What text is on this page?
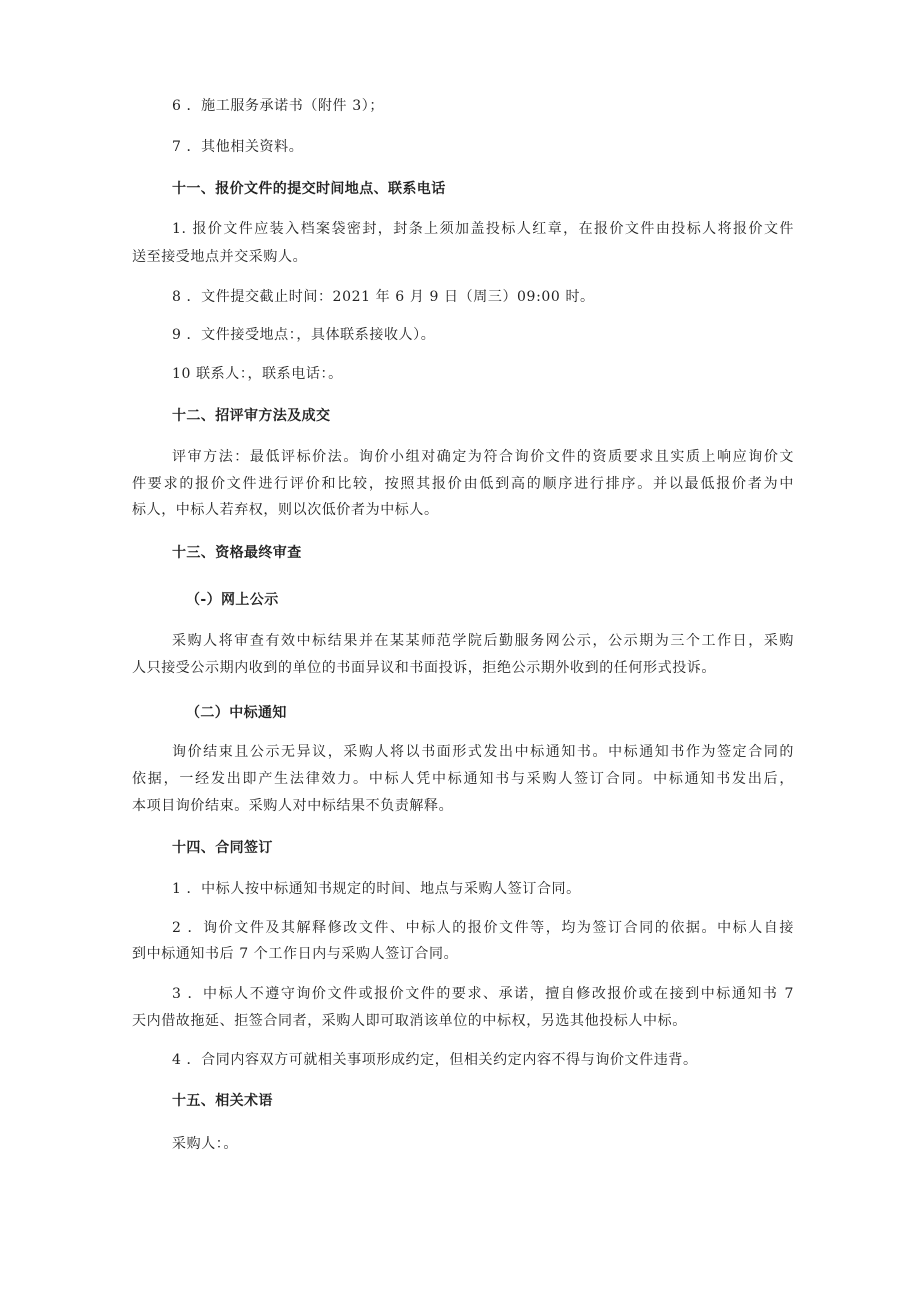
6 ．施工服务承诺书（附件 3）；
7 ．其他相关资料。
十一、报价文件的提交时间地点、联系电话
1. 报价文件应装入档案袋密封，封条上须加盖投标人红章，在报价文件由投标人将报价文件
送至接受地点并交采购人。
8 ．文件提交截止时间：2021 年 6 月 9 日（周三）09:00 时。
9 ．文件接受地点：，具体联系接收人）。
10 联系人：，联系电话：。
十二、招评审方法及成交
评审方法：最低评标价法。询价小组对确定为符合询价文件的资质要求且实质上响应询价文
件要求的报价文件进行评价和比较，按照其报价由低到高的顺序进行排序。并以最低报价者为中
标人，中标人若弃权，则以次低价者为中标人。
十三、资格最终审查
（-）网上公示
采购人将审查有效中标结果并在某某师范学院后勤服务网公示，公示期为三个工作日，采购
人只接受公示期内收到的单位的书面异议和书面投诉，拒绝公示期外收到的任何形式投诉。
（二）中标通知
询价结束且公示无异议，采购人将以书面形式发出中标通知书。中标通知书作为签定合同的
依据，一经发出即产生法律效力。中标人凭中标通知书与采购人签订合同。中标通知书发出后，
本项目询价结束。采购人对中标结果不负责解释。
十四、合同签订
1 ．中标人按中标通知书规定的时间、地点与采购人签订合同。
2 ．询价文件及其解释修改文件、中标人的报价文件等，均为签订合同的依据。中标人自接
到中标通知书后 7 个工作日内与采购人签订合同。
3 ．中标人不遵守询价文件或报价文件的要求、承诺，擅自修改报价或在接到中标通知书 7
天内借故拖延、拒签合同者，采购人即可取消该单位的中标权，另选其他投标人中标。
4 ．合同内容双方可就相关事项形成约定，但相关约定内容不得与询价文件违背。
十五、相关术语
采购人：。
